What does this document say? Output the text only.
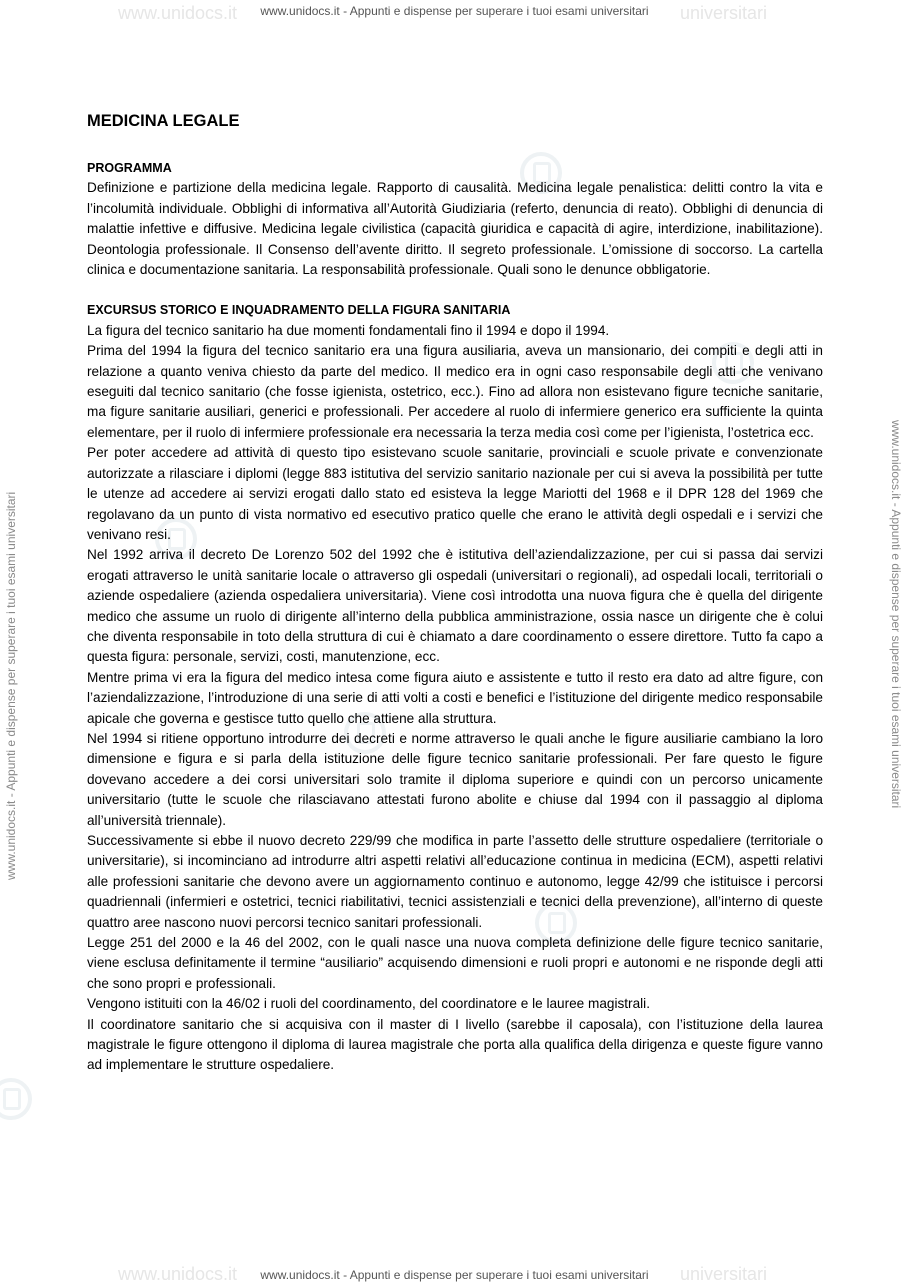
www.unidocs.it www.unidocs.it - Appunti e dispense per superare i tuoi esami universitari universitari
www.unidocs.it - Appunti e dispense per superare i tuoi esami universitari	www.unidocs.it - Appunti e dispense per superare i tuoi esami universitari
MEDICINA LEGALE
PROGRAMMA

Definizione e partizione della medicina legale. Rapporto di causalità. Medicina legale penalistica: delitti contro la vita e l’incolumità individuale. Obblighi di informativa all’Autorità Giudiziaria (referto, denuncia di reato). Obblighi di denuncia di malattie infettive e diffusive. Medicina legale civilistica (capacità giuridica e capacità di agire, interdizione, inabilitazione). Deontologia professionale. Il Consenso dell’avente diritto. Il segreto professionale. L’omissione di soccorso. La cartella clinica e documentazione sanitaria. La responsabilità professionale. Quali sono le denunce obbligatorie.

EXCURSUS STORICO E INQUADRAMENTO DELLA FIGURA SANITARIA

La figura del tecnico sanitario ha due momenti fondamentali fino il 1994 e dopo il 1994.

Prima del 1994 la figura del tecnico sanitario era una figura ausiliaria, aveva un mansionario, dei compiti e degli atti in relazione a quanto veniva chiesto da parte del medico. Il medico era in ogni caso responsabile degli atti che venivano eseguiti dal tecnico sanitario (che fosse igienista, ostetrico, ecc.). Fino ad allora non esistevano figure tecniche sanitarie, ma figure sanitarie ausiliari, generici e professionali. Per accedere al ruolo di infermiere generico era sufficiente la quinta elementare, per il ruolo di infermiere professionale era necessaria la terza media così come per l’igienista, l’ostetrica ecc.

Per poter accedere ad attività di questo tipo esistevano scuole sanitarie, provinciali e scuole private e convenzionate autorizzate a rilasciare i diplomi (legge 883 istitutiva del servizio sanitario nazionale per cui si aveva la possibilità per tutte le utenze ad accedere ai servizi erogati dallo stato ed esisteva la legge Mariotti del 1968 e il DPR 128 del 1969 che regolavano da un punto di vista normativo ed esecutivo pratico quelle che erano le attività degli ospedali e i servizi che venivano resi.

Nel 1992 arriva il decreto De Lorenzo 502 del 1992 che è istitutiva dell’aziendalizzazione, per cui si passa dai servizi erogati attraverso le unità sanitarie locale o attraverso gli ospedali (universitari o regionali), ad ospedali locali, territoriali o aziende ospedaliere (azienda ospedaliera universitaria). Viene così introdotta una nuova figura che è quella del dirigente medico che assume un ruolo di dirigente all’interno della pubblica amministrazione, ossia nasce un dirigente che è colui che diventa responsabile in toto della struttura di cui è chiamato a dare coordinamento o essere direttore. Tutto fa capo a questa figura: personale, servizi, costi, manutenzione, ecc.

Mentre prima vi era la figura del medico intesa come figura aiuto e assistente e tutto il resto era dato ad altre figure, con l’aziendalizzazione, l’introduzione di una serie di atti volti a costi e benefici e l’istituzione del dirigente medico responsabile apicale che governa e gestisce tutto quello che attiene alla struttura.

Nel 1994 si ritiene opportuno introdurre dei decreti e norme attraverso le quali anche le figure ausiliarie cambiano la loro dimensione e figura e si parla della istituzione delle figure tecnico sanitarie professionali. Per fare questo le figure dovevano accedere a dei corsi universitari solo tramite il diploma superiore e quindi con un percorso unicamente universitario (tutte le scuole che rilasciavano attestati furono abolite e chiuse dal 1994 con il passaggio al diploma all’università triennale).

Successivamente si ebbe il nuovo decreto 229/99 che modifica in parte l’assetto delle strutture ospedaliere (territoriale o universitarie), si incominciano ad introdurre altri aspetti relativi all’educazione continua in medicina (ECM), aspetti relativi alle professioni sanitarie che devono avere un aggiornamento continuo e autonomo, legge 42/99 che istituisce i percorsi quadriennali (infermieri e ostetrici, tecnici riabilitativi, tecnici assistenziali e tecnici della prevenzione), all’interno di queste quattro aree nascono nuovi percorsi tecnico sanitari professionali.

Legge 251 del 2000 e la 46 del 2002, con le quali nasce una nuova completa definizione delle figure tecnico sanitarie, viene esclusa definitamente il termine “ausiliario” acquisendo dimensioni e ruoli propri e autonomi e ne risponde degli atti che sono propri e professionali.

Vengono istituiti con la 46/02 i ruoli del coordinamento, del coordinatore e le lauree magistrali.

Il coordinatore sanitario che si acquisiva con il master di I livello (sarebbe il caposala), con l’istituzione della laurea magistrale le figure ottengono il diploma di laurea magistrale che porta alla qualifica della dirigenza e queste figure vanno ad implementare le strutture ospedaliere.

www.unidocs.it www.unidocs.it - Appunti e dispense per superare i tuoi esami universitari universitari
